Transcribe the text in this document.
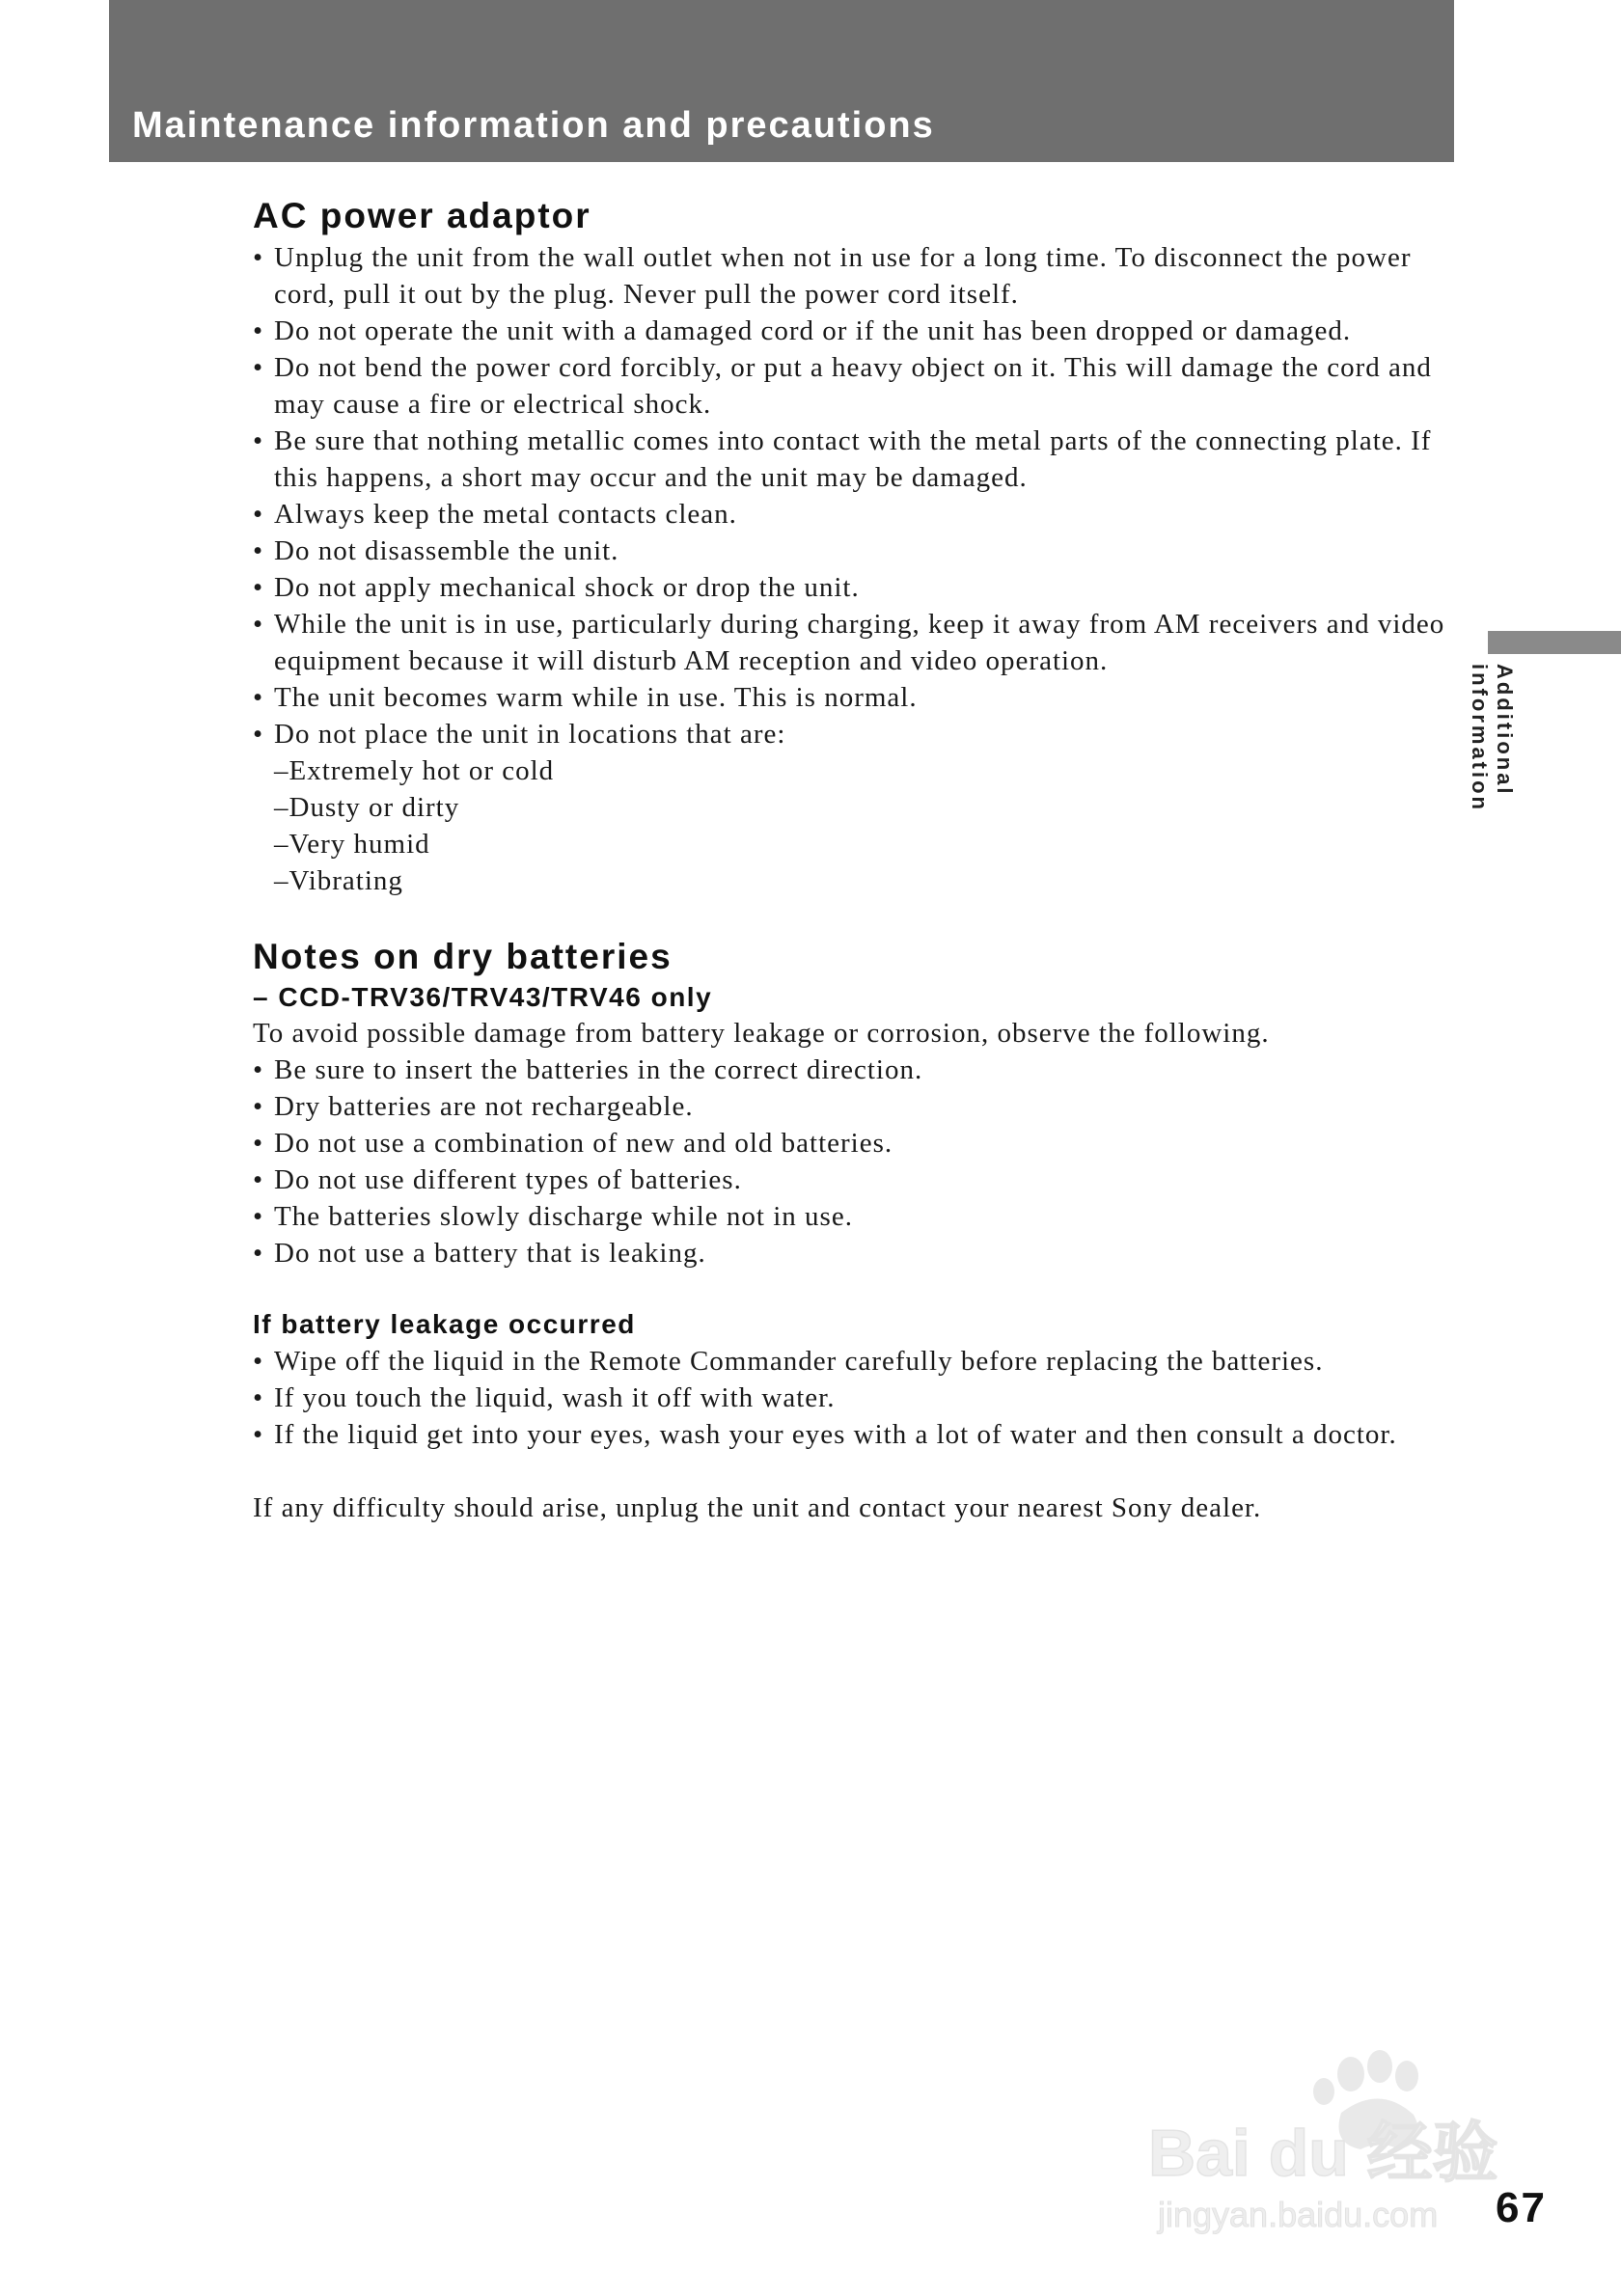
Maintenance information and precautions
Additional information
AC power adaptor
• Unplug the unit from the wall outlet when not in use for a long time. To disconnect the power cord, pull it out by the plug. Never pull the power cord itself.
• Do not operate the unit with a damaged cord or if the unit has been dropped or damaged.
• Do not bend the power cord forcibly, or put a heavy object on it. This will damage the cord and may cause a fire or electrical shock.
• Be sure that nothing metallic comes into contact with the metal parts of the connecting plate. If this happens, a short may occur and the unit may be damaged.
• Always keep the metal contacts clean.
• Do not disassemble the unit.
• Do not apply mechanical shock or drop the unit.
• While the unit is in use, particularly during charging, keep it away from AM receivers and video equipment because it will disturb AM reception and video operation.
• The unit becomes warm while in use. This is normal.
• Do not place the unit in locations that are:
–Extremely hot or cold
–Dusty or dirty
–Very humid
–Vibrating
Notes on dry batteries
– CCD-TRV36/TRV43/TRV46 only

To avoid possible damage from battery leakage or corrosion, observe the following.

• Be sure to insert the batteries in the correct direction.
• Dry batteries are not rechargeable.
• Do not use a combination of new and old batteries.
• Do not use different types of batteries.
• The batteries slowly discharge while not in use.
• Do not use a battery that is leaking.
If battery leakage occurred
• Wipe off the liquid in the Remote Commander carefully before replacing the batteries.
• If you touch the liquid, wash it off with water.
• If the liquid get into your eyes, wash your eyes with a lot of water and then consult a doctor.

If any difficulty should arise, unplug the unit and contact your nearest Sony dealer.

Bai du 经验
jingyan.baidu.com 67
